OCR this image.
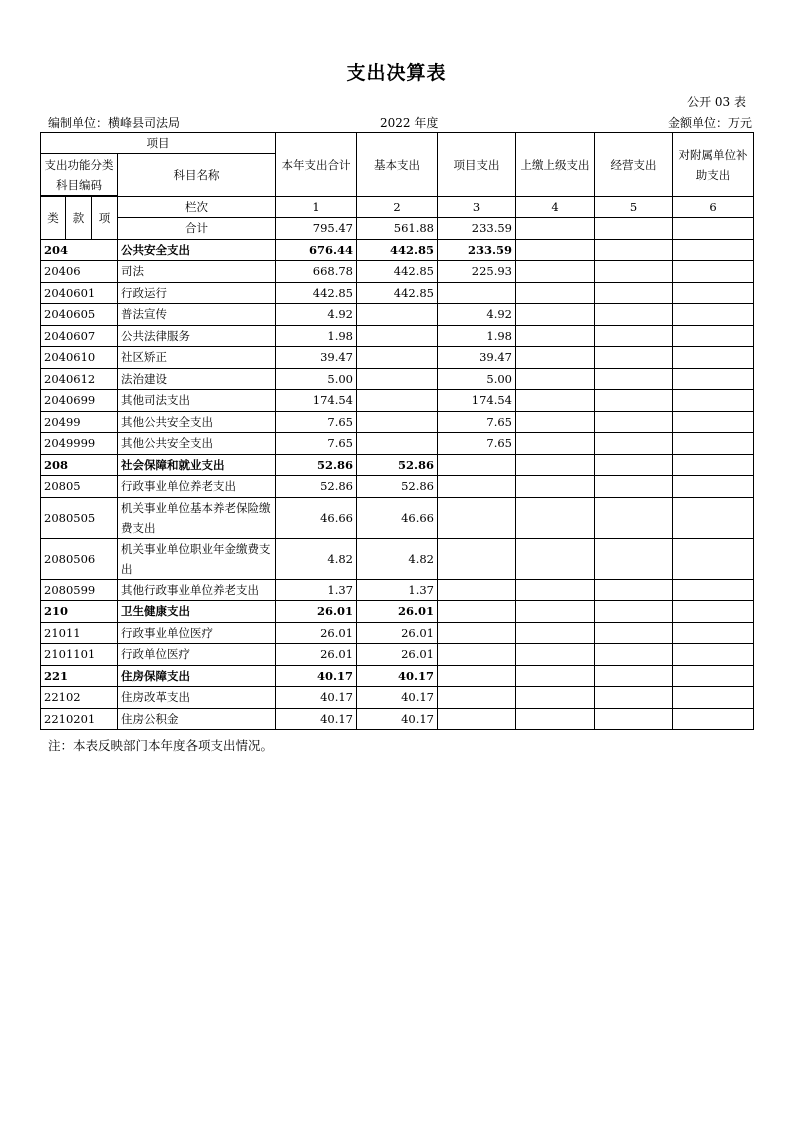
支出决算表
公开 03 表
编制单位：横峰县司法局	2022 年度	金额单位：万元
项目				本年支出合计	基本支出	项目支出	上缴上级支出	经营支出	对附属单位补助支出
支出功能分类科目编码			科目名称						

类	款	项	栏次	1	2	3	4	5	6
			合计	795.47	561.88	233.59			
204			公共安全支出	676.44	442.85	233.59			
20406			司法	668.78	442.85	225.93			
2040601			行政运行	442.85	442.85				
2040605			普法宣传	4.92		4.92			
2040607			公共法律服务	1.98		1.98			
2040610			社区矫正	39.47		39.47			
2040612			法治建设	5.00		5.00			
2040699			其他司法支出	174.54		174.54			
20499			其他公共安全支出	7.65		7.65			
2049999			其他公共安全支出	7.65		7.65			
208			社会保障和就业支出	52.86	52.86				
20805			行政事业单位养老支出	52.86	52.86				
2080505			机关事业单位基本养老保险缴费支出	46.66	46.66				
2080506			机关事业单位职业年金缴费支出	4.82	4.82				
2080599			其他行政事业单位养老支出	1.37	1.37				
210			卫生健康支出	26.01	26.01				
21011			行政事业单位医疗	26.01	26.01				
2101101			行政单位医疗	26.01	26.01				
221			住房保障支出	40.17	40.17				
22102			住房改革支出	40.17	40.17				
2210201			住房公积金	40.17	40.17				
注：本表反映部门本年度各项支出情况。
